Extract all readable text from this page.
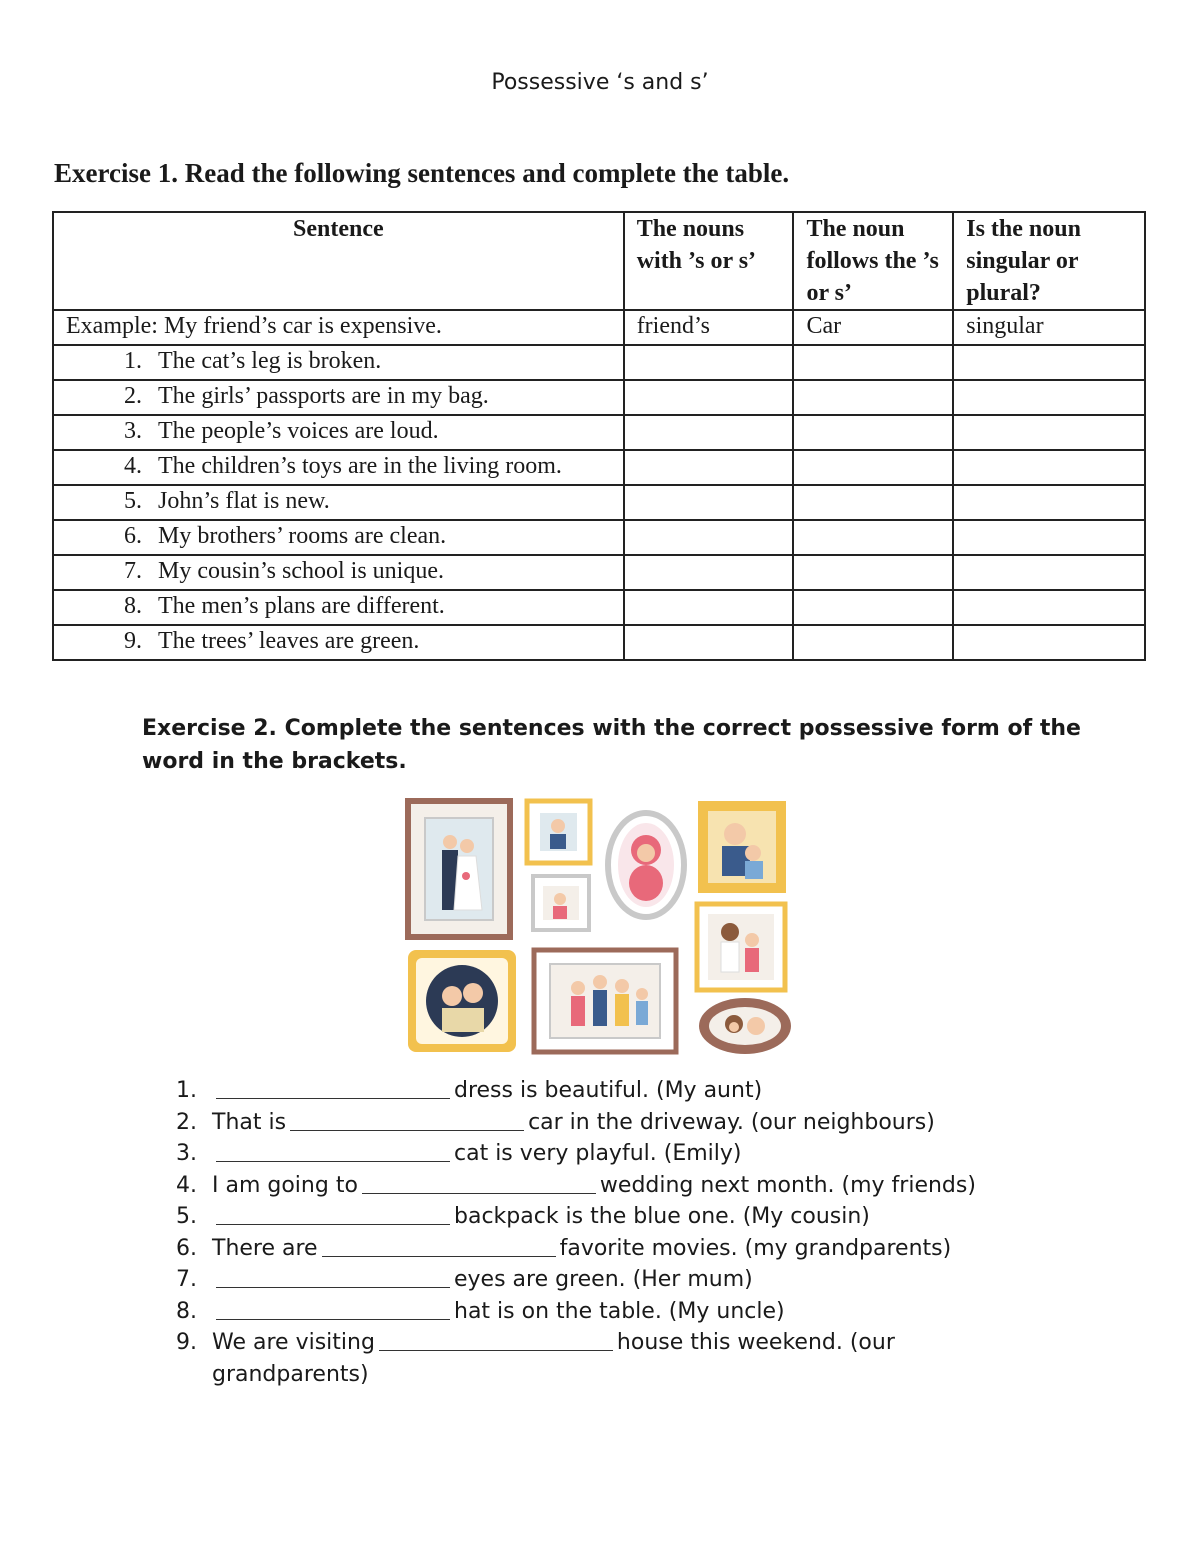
Possessive ‘s and s’
Exercise 1. Read the following sentences and complete the table.
Sentence	The nouns with ’s or s’	The noun follows the ’s or s’	Is the noun singular or plural?
Example: My friend’s car is expensive.	friend’s	Car	singular
1. The cat’s leg is broken.			
2. The girls’ passports are in my bag.			
3. The people’s voices are loud.			
4. The children’s toys are in the living room.			
5. John’s flat is new.			
6. My brothers’ rooms are clean.			
7. My cousin’s school is unique.			
8. The men’s plans are different.			
9. The trees’ leaves are green.			
Exercise 2. Complete the sentences with the correct possessive form of the word in the brackets.
1.	dress is beautiful. (My aunt)
2. That is	car in the driveway. (our neighbours)
3.	cat is very playful. (Emily)
4. I am going to	wedding next month. (my friends)
5.	backpack is the blue one. (My cousin)
6. There are	favorite movies. (my grandparents)
7.	eyes are green. (Her mum)
8.	hat is on the table. (My uncle)
9. We are visiting	house this weekend. (our grandparents)
